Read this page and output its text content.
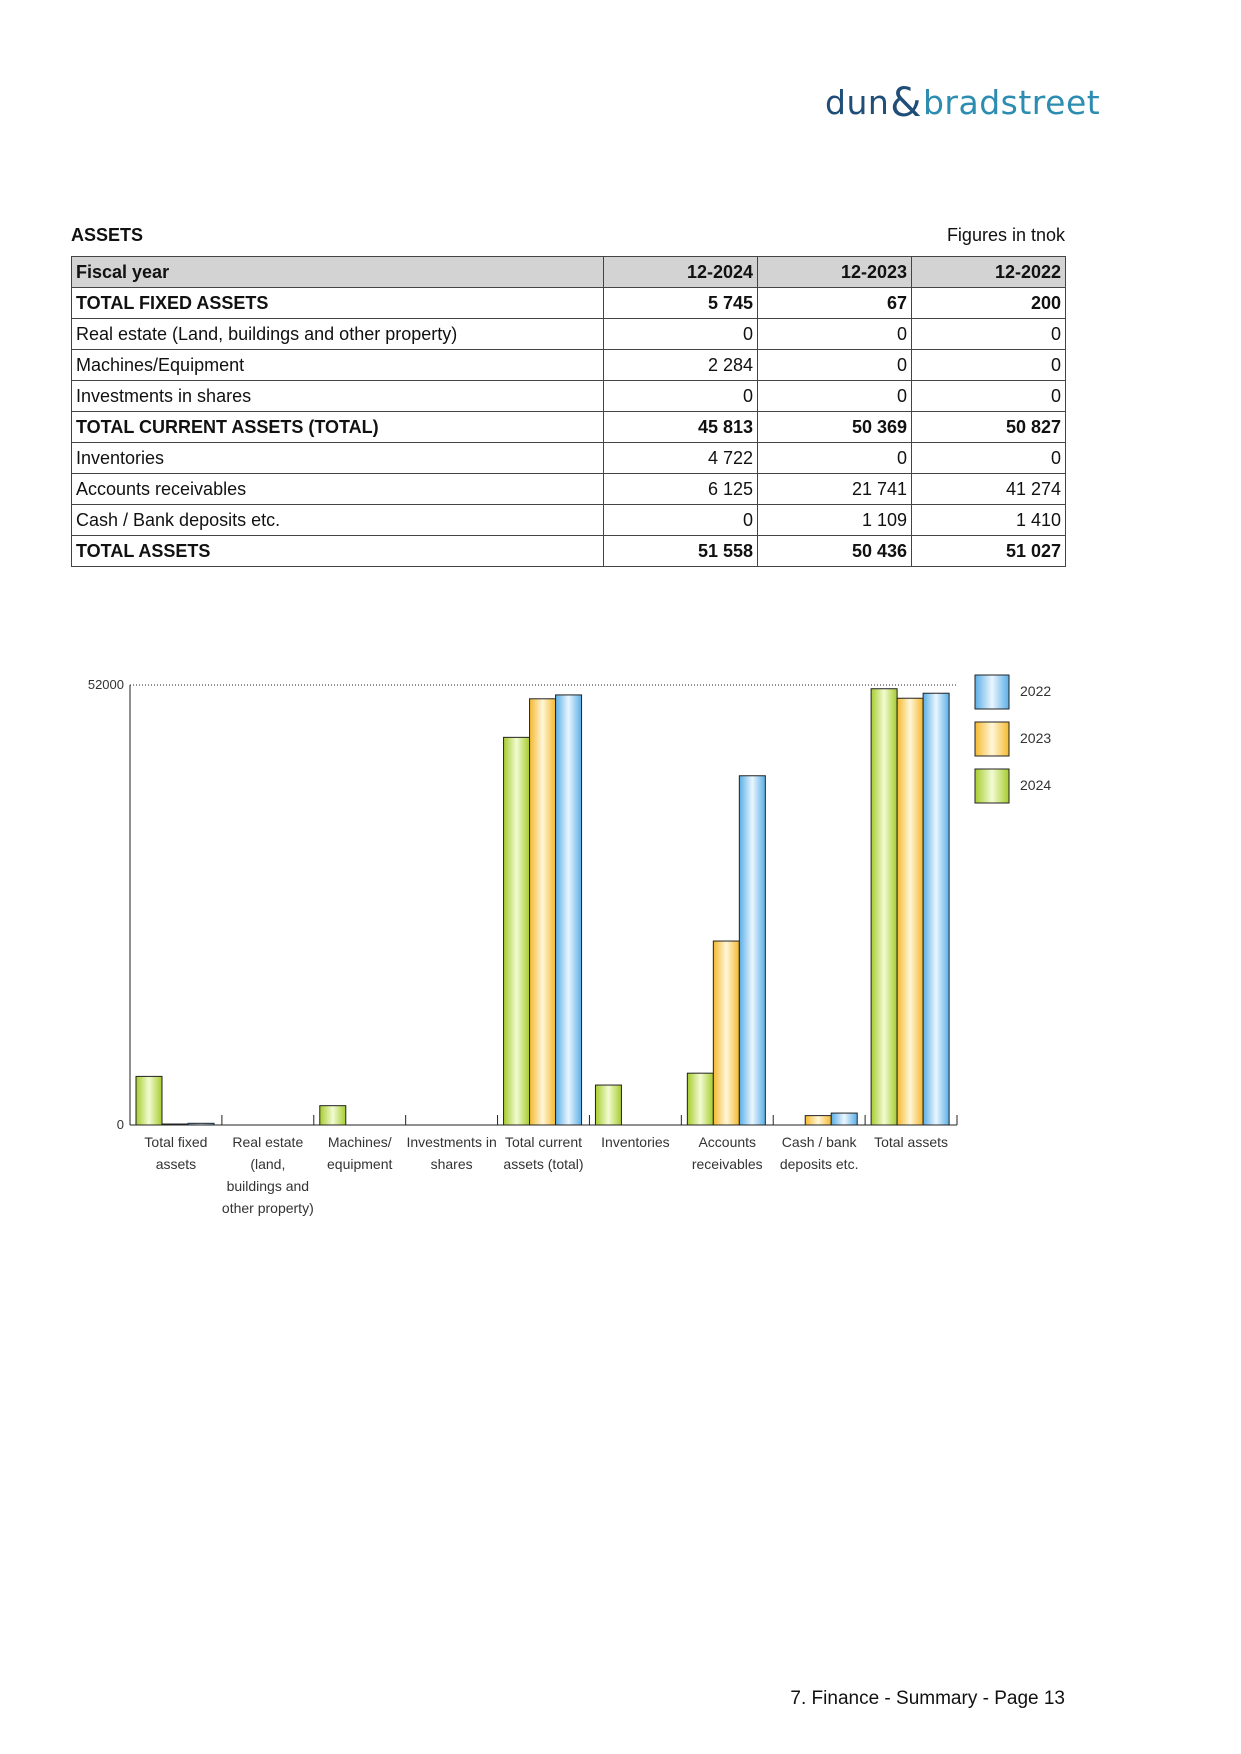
dun&bradstreet
ASSETS	Figures in tnok
Fiscal year	12-2024	12-2023	12-2022
TOTAL FIXED ASSETS	5 745	67	200
Real estate (Land, buildings and other property)	0	0	0
Machines/Equipment	2 284	0	0
Investments in shares	0	0	0
TOTAL CURRENT ASSETS (TOTAL)	45 813	50 369	50 827
Inventories	4 722	0	0
Accounts receivables	6 125	21 741	41 274
Cash / Bank deposits etc.	0	1 109	1 410
TOTAL ASSETS	51 558	50 436	51 027
52000
0
Total fixed
assets
Real estate
(land,
buildings and
other property)
Machines/
equipment
Investments in
shares
Total current
assets (total)
Inventories Accounts
receivables
Cash / bank
deposits etc.
Total assets
2022
2023
2024
7. Finance - Summary - Page 13
